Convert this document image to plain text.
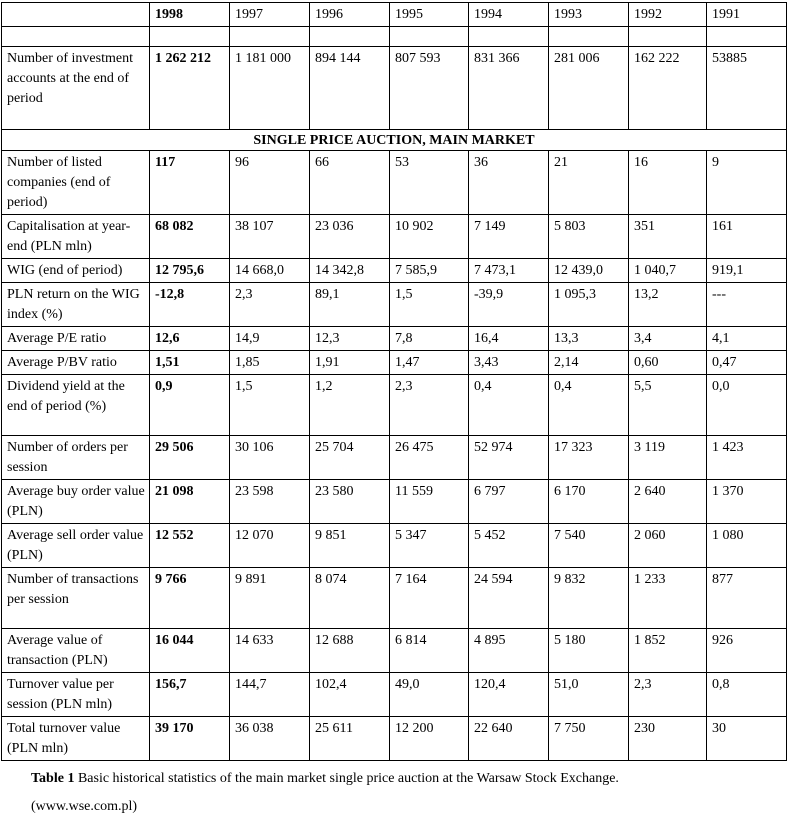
	1998	1997	1996	1995	1994	1993	1992	1991

Number of investment accounts at the end of period	1 262 212	1 181 000	894 144	807 593	831 366	281 006	162 222	53885
SINGLE PRICE AUCTION, MAIN MARKET								
Number of listed companies (end of period)	117	96	66	53	36	21	16	9
Capitalisation at year-end (PLN mln)	68 082	38 107	23 036	10 902	7 149	5 803	351	161
WIG (end of period)	12 795,6	14 668,0	14 342,8	7 585,9	7 473,1	12 439,0	1 040,7	919,1
PLN return on the WIG index (%)	-12,8	2,3	89,1	1,5	-39,9	1 095,3	13,2	---
Average P/E ratio	12,6	14,9	12,3	7,8	16,4	13,3	3,4	4,1
Average P/BV ratio	1,51	1,85	1,91	1,47	3,43	2,14	0,60	0,47
Dividend yield at the end of period (%)	0,9	1,5	1,2	2,3	0,4	0,4	5,5	0,0
Number of orders per session	29 506	30 106	25 704	26 475	52 974	17 323	3 119	1 423
Average buy order value (PLN)	21 098	23 598	23 580	11 559	6 797	6 170	2 640	1 370
Average sell order value (PLN)	12 552	12 070	9 851	5 347	5 452	7 540	2 060	1 080
Number of transactions per session	9 766	9 891	8 074	7 164	24 594	9 832	1 233	877
Average value of transaction (PLN)	16 044	14 633	12 688	6 814	4 895	5 180	1 852	926
Turnover value per session (PLN mln)	156,7	144,7	102,4	49,0	120,4	51,0	2,3	0,8
Total turnover value (PLN mln)	39 170	36 038	25 611	12 200	22 640	7 750	230	30
Table 1 Basic historical statistics of the main market single price auction at the Warsaw Stock Exchange.
(www.wse.com.pl)
